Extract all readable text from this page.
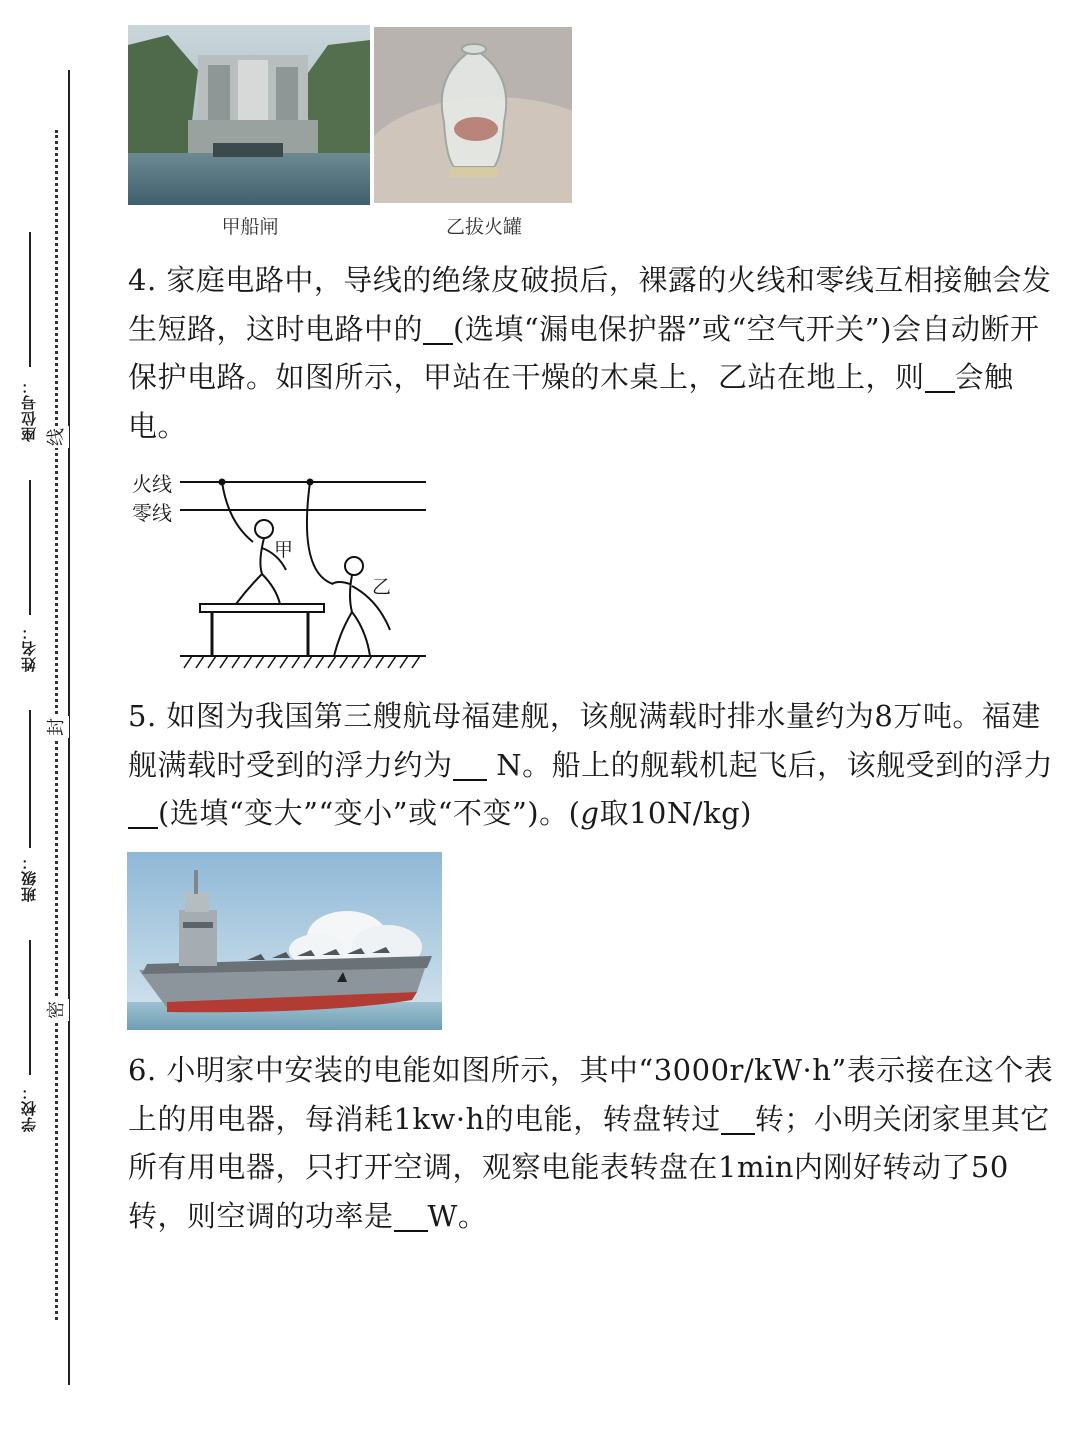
线
封
密
座位号：
姓名：
班级：
学校：
甲船闸	乙拔火罐
4. 家庭电路中，导线的绝缘皮破损后，裸露的火线和零线互相接触会发生短路，这时电路中的 (选填“漏电保护器”或“空气开关”)会自动断开保护电路。如图所示，甲站在干燥的木桌上，乙站在地上，则 会触电。
火线
零线
甲
乙
5. 如图为我国第三艘航母福建舰，该舰满载时排水量约为8万吨。福建舰满载时受到的浮力约为 N。船上的舰载机起飞后，该舰受到的浮力(选填“变大”“变小”或“不变”)。(g取10N/kg)
6. 小明家中安装的电能如图所示，其中“3000r/kW·h”表示接在这个表上的用电器，每消耗1kw·h的电能，转盘转过 转；小明关闭家里其它所有用电器，只打开空调，观察电能表转盘在1min内刚好转动了50转，则空调的功率是 W。
